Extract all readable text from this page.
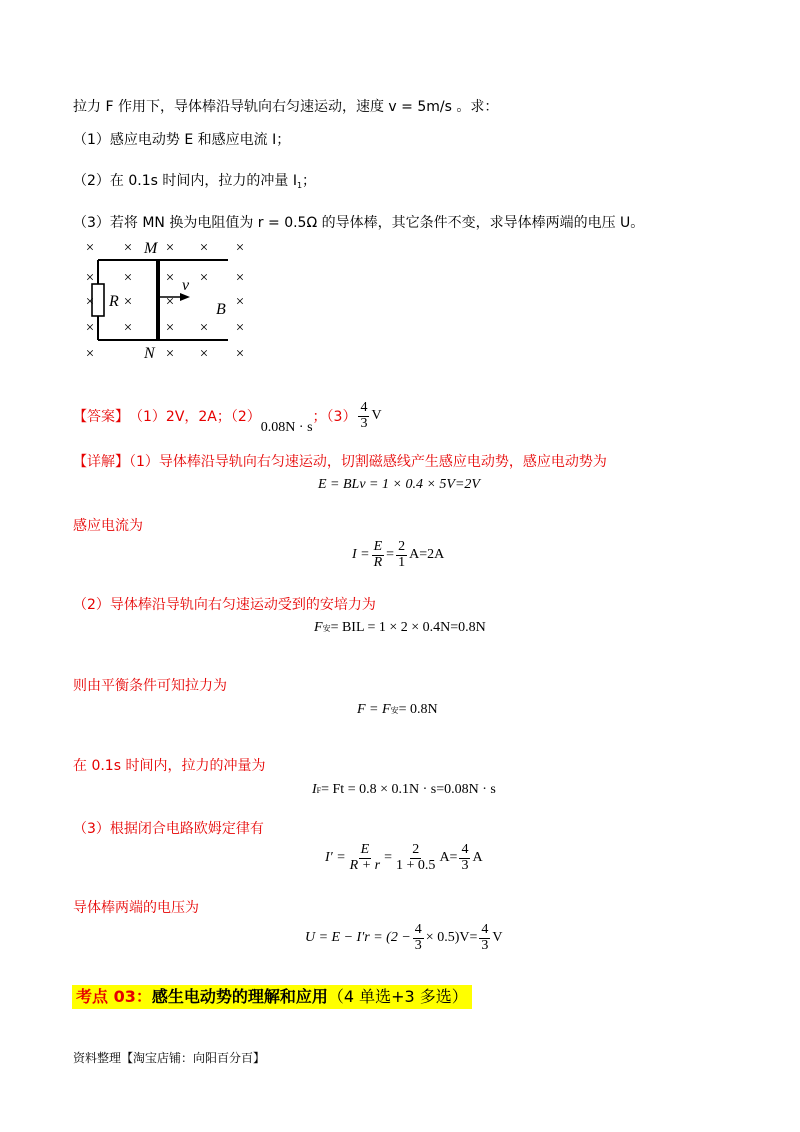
拉力 F 作用下，导体棒沿导轨向右匀速运动，速度 v = 5m/s 。求：
（1）感应电动势 E 和感应电流 I；
（2）在 0.1s 时间内，拉力的冲量 $I_1$；
（3）若将 MN 换为电阻值为 r = 0.5Ω 的导体棒，其它条件不变，求导体棒两端的电压 U。
× × × × ×
× × × × ×
× × ×	×
× × × × ×
×	× × ×
M
N
R
v
B
【答案】 （1）2V，2A；（2）
0.08N · s
；$(3) \frac{4}{3}$ V
【详解】（1）导体棒沿导轨向右匀速运动，切割磁感线产生感应电动势，感应电动势为
E = BLv = 1 × 0.4 × 5V=2V
感应电流为
$I = \frac{E}{R} = \frac{2}{1} A=2A$
（2）导体棒沿导轨向右匀速运动受到的安培力为
F 安 = BIL = 1 × 2 × 0.4N=0.8N
则由平衡条件可知拉力为
F = F 安 = 0.8N
在 0.1s 时间内，拉力的冲量为
I F = Ft = 0.8 × 0.1N · s=0.08N · s
（3）根据闭合电路欧姆定律有
$I' = \frac{E}{R + r} = \frac{2}{1 + 0.5} A= \frac{4}{3}$ A
导体棒两端的电压为
$U = E - I'r = (2 - \frac{4}{3} \times 0.5)V= \frac{4}{3}$ V
考点 03：感生电动势的理解和应用（4 单选+3 多选）
资料整理【淘宝店铺：向阳百分百】
